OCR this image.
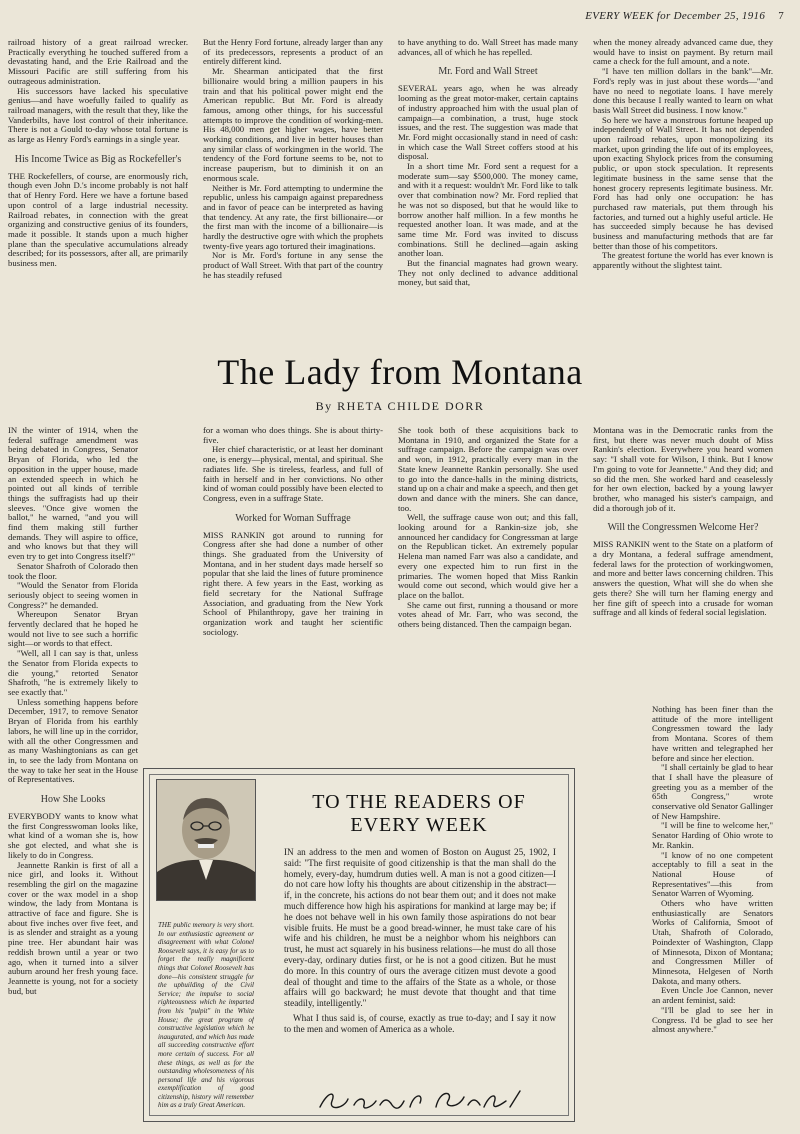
EVERY WEEK for December 25, 1916 7

railroad history of a great railroad wrecker. Practically everything he touched suffered from a devastating hand, and the Erie Railroad and the Missouri Pacific are still suffering from his outrageous administration.

His successors have lacked his speculative genius—and have woefully failed to qualify as railroad managers, with the result that they, like the Vanderbilts, have lost control of their inheritance. There is not a Gould to-day whose total fortune is as large as Henry Ford's earnings in a single year.

His Income Twice as Big as Rockefeller's

THE Rockefellers, of course, are enormously rich, though even John D.'s income probably is not half that of Henry Ford. Here we have a fortune based upon control of a large industrial necessity. Railroad rebates, in connection with the great organizing and constructive genius of its founders, made it possible. It stands upon a much higher plane than the speculative accumulations already described; for its possessors, after all, are primarily business men.

But the Henry Ford fortune, already larger than any of its predecessors, represents a product of an entirely different kind.

Mr. Shearman anticipated that the first billionaire would bring a million paupers in his train and that his political power might end the American republic. But Mr. Ford is already famous, among other things, for his successful attempts to improve the condition of working-men. His 48,000 men get higher wages, have better working conditions, and live in better houses than any similar class of workingmen in the world. The tendency of the Ford fortune seems to be, not to increase pauperism, but to diminish it on an enormous scale.

Neither is Mr. Ford attempting to undermine the republic, unless his campaign against preparedness and in favor of peace can be interpreted as having that tendency. At any rate, the first billionaire—or the first man with the income of a billionaire—is hardly the destructive ogre with which the prophets twenty-five years ago tortured their imaginations.

Nor is Mr. Ford's fortune in any sense the product of Wall Street. With that part of the country he has steadily refused

to have anything to do. Wall Street has made many advances, all of which he has repelled.

Mr. Ford and Wall Street

SEVERAL years ago, when he was already looming as the great motor-maker, certain captains of industry approached him with the usual plan of campaign—a combination, a trust, huge stock issues, and the rest. The suggestion was made that Mr. Ford might occasionally stand in need of cash: in which case the Wall Street coffers stood at his disposal.

In a short time Mr. Ford sent a request for a moderate sum—say $500,000. The money came, and with it a request: wouldn't Mr. Ford like to talk over that combination now? Mr. Ford replied that he was not so disposed, but that he would like to borrow another half million. In a few months he requested another loan. It was made, and at the same time Mr. Ford was invited to discuss combinations. Still he declined—again asking another loan.

But the financial magnates had grown weary. They not only declined to advance additional money, but said that,

when the money already advanced came due, they would have to insist on payment. By return mail came a check for the full amount, and a note.

"I have ten million dollars in the bank"—Mr. Ford's reply was in just about these words—"and have no need to negotiate loans. I have merely done this because I really wanted to learn on what basis Wall Street did business. I now know."

So here we have a monstrous fortune heaped up independently of Wall Street. It has not depended upon railroad rebates, upon monopolizing its market, upon grinding the life out of its employees, upon exacting Shylock prices from the consuming public, or upon stock speculation. It represents legitimate business in the same sense that the honest grocery represents legitimate business. Mr. Ford has had only one occupation: he has purchased raw materials, put them through his factories, and turned out a highly useful article. He has succeeded simply because he has devised business and manufacturing methods that are far better than those of his competitors.

The greatest fortune the world has ever known is apparently without the slightest taint.

The Lady from Montana
By RHETA CHILDE DORR

IN the winter of 1914, when the federal suffrage amendment was being debated in Congress, Senator Bryan of Florida, who led the opposition in the upper house, made an extended speech in which he pointed out all kinds of terrible things the suffragists had up their sleeves. "Once give women the ballot," he warned, "and you will find them making still further demands. They will aspire to office, and who knows but that they will even try to get into Congress itself?"

Senator Shafroth of Colorado then took the floor.

"Would the Senator from Florida seriously object to seeing women in Congress?" he demanded.

Whereupon Senator Bryan fervently declared that he hoped he would not live to see such a horrific sight—or words to that effect.

"Well, all I can say is that, unless the Senator from Florida expects to die young," retorted Senator Shafroth, "he is extremely likely to see exactly that."

Unless something happens before December, 1917, to remove Senator Bryan of Florida from his earthly labors, he will line up in the corridor, with all the other Congressmen and as many Washingtonians as can get in, to see the lady from Montana on the way to take her seat in the House of Representatives.

How She Looks

EVERYBODY wants to know what the first Congresswoman looks like, what kind of a woman she is, how she got elected, and what she is likely to do in Congress.

Jeannette Rankin is first of all a nice girl, and looks it. Without resembling the girl on the magazine cover or the wax model in a shop window, the lady from Montana is attractive of face and figure. She is about five inches over five feet, and is as slender and straight as a young pine tree. Her abundant hair was reddish brown until a year or two ago, when it turned into a silver auburn around her fresh young face. Jeannette is young, not for a society bud, but

for a woman who does things. She is about thirty-five.

Her chief characteristic, or at least her dominant one, is energy—physical, mental, and spiritual. She radiates life. She is tireless, fearless, and full of faith in herself and in her convictions. No other kind of woman could possibly have been elected to Congress, even in a suffrage State.

Worked for Woman Suffrage

MISS RANKIN got around to running for Congress after she had done a number of other things. She graduated from the University of Montana, and in her student days made herself so popular that she laid the lines of future prominence right there. A few years in the East, working as field secretary for the National Suffrage Association, and graduating from the New York School of Philanthropy, gave her training in organization work and taught her scientific sociology.

She took both of these acquisitions back to Montana in 1910, and organized the State for a suffrage campaign. Before the campaign was over and won, in 1912, practically every man in the State knew Jeannette Rankin personally. She used to go into the dance-halls in the mining districts, stand up on a chair and make a speech, and then get down and dance with the miners. She can dance, too.

Well, the suffrage cause won out; and this fall, looking around for a Rankin-size job, she announced her candidacy for Congressman at large on the Republican ticket. An extremely popular Helena man named Farr was also a candidate, and every one expected him to run first in the primaries. The women hoped that Miss Rankin would come out second, which would give her a place on the ballot.

She came out first, running a thousand or more votes ahead of Mr. Farr, who was second, the others being distanced. Then the campaign began.

Montana was in the Democratic ranks from the first, but there was never much doubt of Miss Rankin's election. Everywhere you heard women say: "I shall vote for Wilson, I think. But I know I'm going to vote for Jeannette." And they did; and so did the men. She worked hard and ceaselessly for her own election, backed by a young lawyer brother, who managed his sister's campaign, and did a thorough job of it.

Will the Congressmen Welcome Her?

MISS RANKIN went to the State on a platform of a dry Montana, a federal suffrage amendment, federal laws for the protection of workingwomen, and more and better laws concerning children. This answers the question, What will she do when she gets there? She will turn her flaming energy and her fine gift of speech into a crusade for woman suffrage and all kinds of federal social legislation.

Nothing has been finer than the attitude of the more intelligent Congressmen toward the lady from Montana. Scores of them have written and telegraphed her before and since her election.

"I shall certainly be glad to hear that I shall have the pleasure of greeting you as a member of the 65th Congress," wrote conservative old Senator Gallinger of New Hampshire.

"I will be fine to welcome her," Senator Harding of Ohio wrote to Mr. Rankin.

"I know of no one competent acceptably to fill a seat in the National House of Representatives"—this from Senator Warren of Wyoming.

Others who have written enthusiastically are Senators Works of California, Smoot of Utah, Shafroth of Colorado, Poindexter of Washington, Clapp of Minnesota, Dixon of Montana; and Congressmen Miller of Minnesota, Helgesen of North Dakota, and many others.

Even Uncle Joe Cannon, never an ardent feminist, said:

"I'll be glad to see her in Congress. I'd be glad to see her almost anywhere."

TO THE READERS OF
EVERY WEEK
THE public memory is very short. In our enthusiastic agreement or disagreement with what Colonel Roosevelt says, it is easy for us to forget the really magnificent things that Colonel Roosevelt has done—his consistent struggle for the upbuilding of the Civil Service; the impulse to social righteousness which he imparted from his "pulpit" in the White House; the great program of constructive legislation which he inaugurated, and which has made all succeeding constructive effort more certain of success. For all these things, as well as for the outstanding wholesomeness of his personal life and his vigorous exemplification of good citizenship, history will remember him as a truly Great American.

IN an address to the men and women of Boston on August 25, 1902, I said: "The first requisite of good citizenship is that the man shall do the homely, every-day, humdrum duties well. A man is not a good citizen—I do not care how lofty his thoughts are about citizenship in the abstract—if, in the concrete, his actions do not bear them out; and it does not make much difference how high his aspirations for mankind at large may be; if he does not behave well in his own family those aspirations do not bear visible fruits. He must be a good bread-winner, he must take care of his wife and his children, he must be a neighbor whom his neighbors can trust, he must act squarely in his business relations—he must do all those every-day, ordinary duties first, or he is not a good citizen. But he must do more. In this country of ours the average citizen must devote a good deal of thought and time to the affairs of the State as a whole, or those affairs will go backward; he must devote that thought and that time steadily, intelligently."

What I thus said is, of course, exactly as true to-day; and I say it now to the men and women of America as a whole.
